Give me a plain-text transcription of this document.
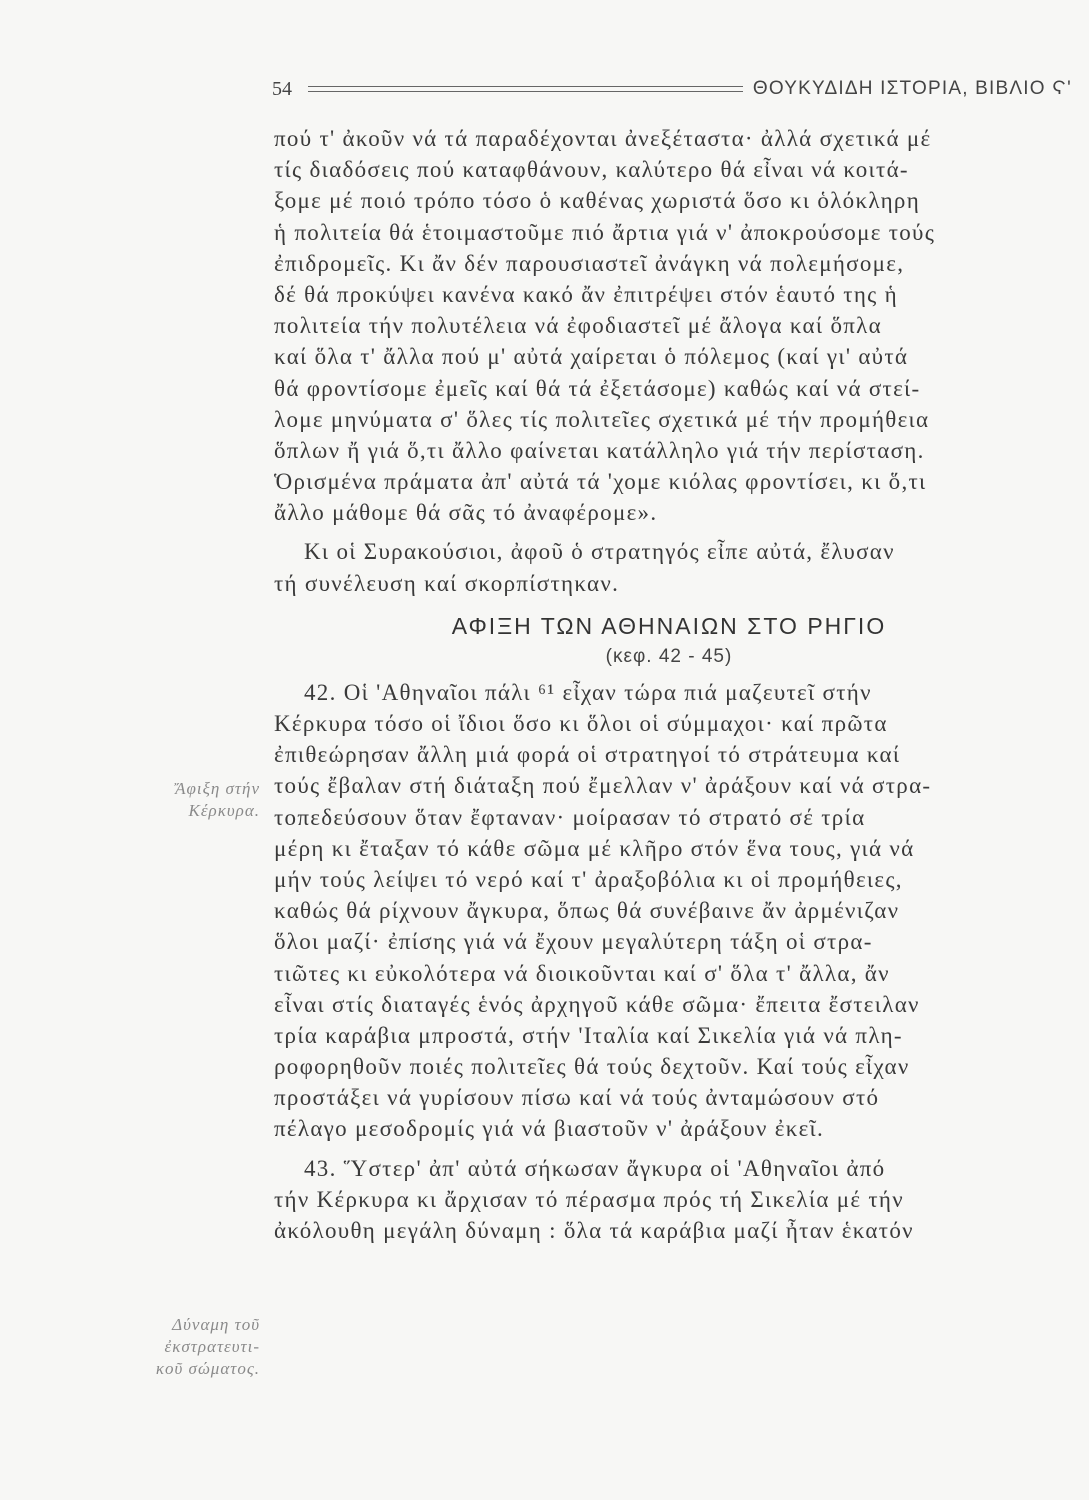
54	ΘΟΥΚΥΔΙΔΗ ΙΣΤΟΡΙΑ, ΒΙΒΛΙΟ Ϛ'
Ἄφιξη στήν
Κέρκυρα.
Δύναμη τοῦ
ἐκστρατευτι-
κοῦ σώματος.
πού τ' ἀκοῦν νά τά παραδέχονται ἀνεξέταστα· ἀλλά σχετικά μέ
τίς διαδόσεις πού καταφθάνουν, καλύτερο θά εἶναι νά κοιτά-
ξομε μέ ποιό τρόπο τόσο ὁ καθένας χωριστά ὅσο κι ὁλόκληρη
ἡ πολιτεία θά ἑτοιμαστοῦμε πιό ἄρτια γιά ν' ἀποκρούσομε τούς
ἐπιδρομεῖς. Κι ἄν δέν παρουσιαστεῖ ἀνάγκη νά πολεμήσομε,
δέ θά προκύψει κανένα κακό ἄν ἐπιτρέψει στόν ἑαυτό της ἡ
πολιτεία τήν πολυτέλεια νά ἐφοδιαστεῖ μέ ἄλογα καί ὅπλα
καί ὅλα τ' ἄλλα πού μ' αὐτά χαίρεται ὁ πόλεμος (καί γι' αὐτά
θά φροντίσομε ἐμεῖς καί θά τά ἐξετάσομε) καθώς καί νά στεί-
λομε μηνύματα σ' ὅλες τίς πολιτεῖες σχετικά μέ τήν προμήθεια
ὅπλων ἤ γιά ὅ,τι ἄλλο φαίνεται κατάλληλο γιά τήν περίσταση.
Ὁρισμένα πράματα ἀπ' αὐτά τά 'χομε κιόλας φροντίσει, κι ὅ,τι
ἄλλο μάθομε θά σᾶς τό ἀναφέρομε».
Κι οἱ Συρακούσιοι, ἀφοῦ ὁ στρατηγός εἶπε αὐτά, ἔλυσαν
τή συνέλευση καί σκορπίστηκαν.
ΑΦΙΞΗ ΤΩΝ ΑΘΗΝΑΙΩΝ ΣΤΟ ΡΗΓΙΟ
(κεφ. 42 - 45)
42. Οἱ 'Αθηναῖοι πάλι ⁶¹ εἶχαν τώρα πιά μαζευτεῖ στήν
Κέρκυρα τόσο οἱ ἴδιοι ὅσο κι ὅλοι οἱ σύμμαχοι· καί πρῶτα
ἐπιθεώρησαν ἄλλη μιά φορά οἱ στρατηγοί τό στράτευμα καί
τούς ἔβαλαν στή διάταξη πού ἔμελλαν ν' ἀράξουν καί νά στρα-
τοπεδεύσουν ὅταν ἔφταναν· μοίρασαν τό στρατό σέ τρία
μέρη κι ἔταξαν τό κάθε σῶμα μέ κλῆρο στόν ἕνα τους, γιά νά
μήν τούς λείψει τό νερό καί τ' ἀραξοβόλια κι οἱ προμήθειες,
καθώς θά ρίχνουν ἄγκυρα, ὅπως θά συνέβαινε ἄν ἀρμένιζαν
ὅλοι μαζί· ἐπίσης γιά νά ἔχουν μεγαλύτερη τάξη οἱ στρα-
τιῶτες κι εὐκολότερα νά διοικοῦνται καί σ' ὅλα τ' ἄλλα, ἄν
εἶναι στίς διαταγές ἑνός ἀρχηγοῦ κάθε σῶμα· ἔπειτα ἔστειλαν
τρία καράβια μπροστά, στήν 'Ιταλία καί Σικελία γιά νά πλη-
ροφορηθοῦν ποιές πολιτεῖες θά τούς δεχτοῦν. Καί τούς εἶχαν
προστάξει νά γυρίσουν πίσω καί νά τούς ἀνταμώσουν στό
πέλαγο μεσοδρομίς γιά νά βιαστοῦν ν' ἀράξουν ἐκεῖ.
43. Ὕστερ' ἀπ' αὐτά σήκωσαν ἄγκυρα οἱ 'Αθηναῖοι ἀπό
τήν Κέρκυρα κι ἄρχισαν τό πέρασμα πρός τή Σικελία μέ τήν
ἀκόλουθη μεγάλη δύναμη : ὅλα τά καράβια μαζί ἦταν ἑκατόν
